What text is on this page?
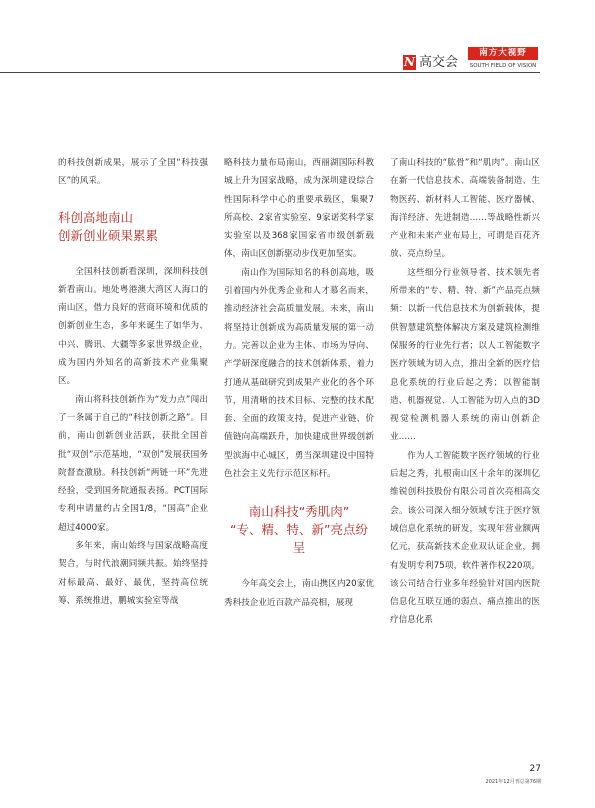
N 高交会
南方大视野
SOUTH FIELD OF VISION

的科技创新成果，展示了全国“科技强区”的风采。

科创高地南山
创新创业硕果累累

全国科技创新看深圳，深圳科技创新看南山。地处粤港澳大湾区人海口的南山区，借力良好的营商环境和优质的创新创业生态，多年来诞生了如华为、中兴、腾讯、大疆等多家世界级企业，成为国内外知名的高新技术产业集聚区。

南山将科技创新作为“发力点”闯出了一条属于自己的“科技创新之路”。目前，南山创新创业活跃，获批全国首批“双创”示范基地，“双创”发展获国务院督查激励。科技创新“两链一环”先进经验，受到国务院通报表扬。PCT国际专利申请量约占全国1/8，“国高”企业超过4000家。

多年来，南山始终与国家战略高度契合，与时代浪潮同频共振。始终坚持对标最高、最好、最优，坚持高位统筹、系统推进，鹏城实验室等战

略科技力量布局南山，西丽湖国际科教城上升为国家战略，成为深圳建设综合性国际科学中心的重要承载区，集聚7所高校、2家省实验室、9家诺奖科学家实验室以及368家国家省市级创新载体，南山区创新驱动步伐更加坚实。

南山作为国际知名的科创高地，吸引着国内外优秀企业和人才慕名而来，推动经济社会高质量发展。未来，南山将坚持让创新成为高质量发展的第一动力。完善以企业为主体、市场为导向、产学研深度融合的技术创新体系，着力打通从基础研究到成果产业化的各个环节，用清晰的技术目标、完整的技术配套、全面的政策支持，促进产业链、价值链向高端跃升，加快建成世界级创新型滨海中心城区，勇当深圳建设中国特色社会主义先行示范区标杆。

南山科技“秀肌肉”
“专、精、特、新”亮点纷呈

今年高交会上，南山携区内20家优秀科技企业近百款产品亮相，展现

了南山科技的“肱骨”和“肌肉”。南山区在新一代信息技术、高端装备制造、生物医药、新材料人工智能、医疗器械、海洋经济、先进制造……等战略性新兴产业和未来产业布局上，可谓是百花齐放、亮点纷呈。

这些细分行业领导者、技术领先者所带来的“专、精、特、新”产品亮点频频：以新一代信息技术为创新载体，提供智慧建筑整体解决方案及建筑检测维保服务的行业先行者；以人工智能数字医疗领域为切入点，推出全新的医疗信息化系统的行业后起之秀；以智能制造、机器视觉、人工智能为切入点的3D视觉检测机器人系统的南山创新企业……

作为人工智能数字医疗领域的行业后起之秀，扎根南山区十余年的深圳亿维锐创科技股份有限公司首次亮相高交会。该公司深入细分领域专注于医疗领域信息化系统的研发，实现年营业额两亿元，获高新技术企业双认证企业，拥有发明专利75项，软件著作权220项。该公司结合行业多年经验针对国内医院信息化互联互通的弱点、痛点推出的医疗信息化系

27
2021年12月刊总第76期
